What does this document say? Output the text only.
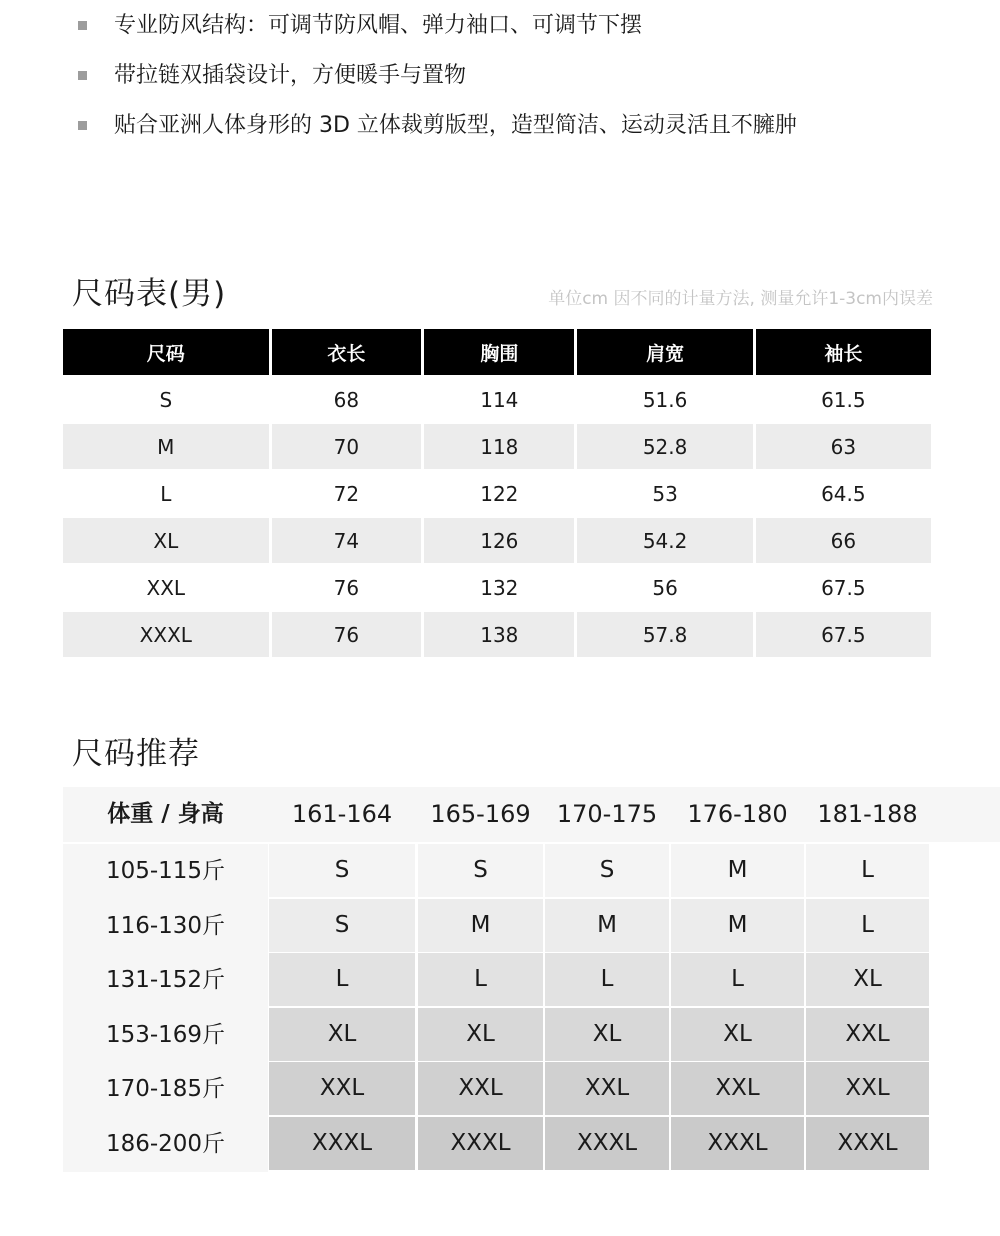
专业防风结构：可调节防风帽、弹力袖口、可调节下摆
带拉链双插袋设计，方便暖手与置物
贴合亚洲人体身形的 3D 立体裁剪版型，造型简洁、运动灵活且不臃肿
尺码表(男)	单位cm 因不同的计量方法, 测量允许1-3cm内误差
尺码	衣长	胸围	肩宽	袖长
S	68	114	51.6	61.5
M	70	118	52.8	63
L	72	122	53	64.5
XL	74	126	54.2	66
XXL	76	132	56	67.5
XXXL	76	138	57.8	67.5
尺码推荐
体重 / 身高	161-164	165-169	170-175	176-180	181-188
105-115斤	S	S	S	M	L
116-130斤	S	M	M	M	L
131-152斤	L	L	L	L	XL
153-169斤	XL	XL	XL	XL	XXL
170-185斤	XXL	XXL	XXL	XXL	XXL
186-200斤	XXXL	XXXL	XXXL	XXXL	XXXL
